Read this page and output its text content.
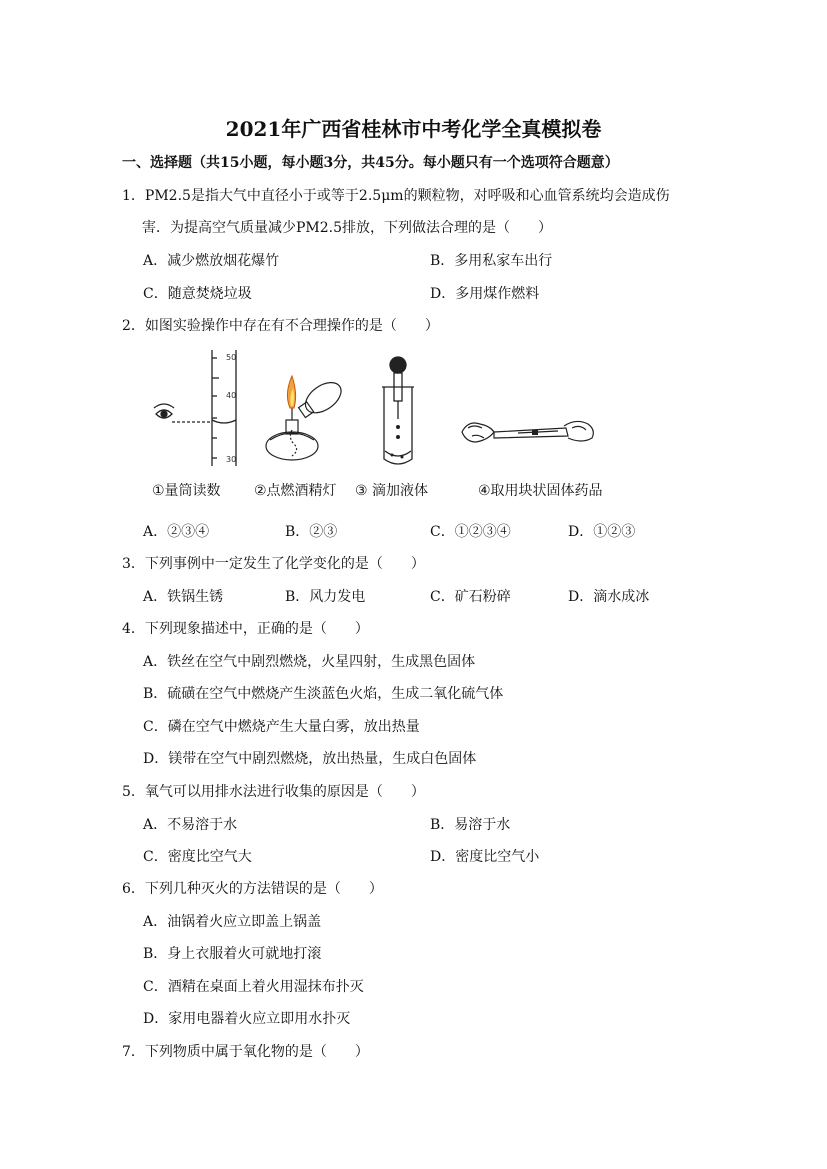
2021年广西省桂林市中考化学全真模拟卷
一、选择题（共15小题，每小题3分，共45分。每小题只有一个选项符合题意）
1．PM2.5是指大气中直径小于或等于2.5μm的颗粒物，对呼吸和心血管系统均会造成伤
害．为提高空气质量减少PM2.5排放，下列做法合理的是（　　）
A．减少燃放烟花爆竹	B．多用私家车出行
C．随意焚烧垃圾	D．多用煤作燃料
2．如图实验操作中存在有不合理操作的是（　　）
50
40
30
①量筒读数 ②点燃酒精灯 ③ 滴加液体	④取用块状固体药品
A．②③④	B．②③	C．①②③④	D．①②③
3．下列事例中一定发生了化学变化的是（　　）
A．铁锅生锈	B．风力发电	C．矿石粉碎	D．滴水成冰
4．下列现象描述中，正确的是（　　）
A．铁丝在空气中剧烈燃烧，火星四射，生成黑色固体
B．硫磺在空气中燃烧产生淡蓝色火焰，生成二氧化硫气体
C．磷在空气中燃烧产生大量白雾，放出热量
D．镁带在空气中剧烈燃烧，放出热量，生成白色固体
5．氧气可以用排水法进行收集的原因是（　　）
A．不易溶于水	B．易溶于水
C．密度比空气大	D．密度比空气小
6．下列几种灭火的方法错误的是（　　）
A．油锅着火应立即盖上锅盖
B．身上衣服着火可就地打滚
C．酒精在桌面上着火用湿抹布扑灭
D．家用电器着火应立即用水扑灭
7．下列物质中属于氧化物的是（　　）
